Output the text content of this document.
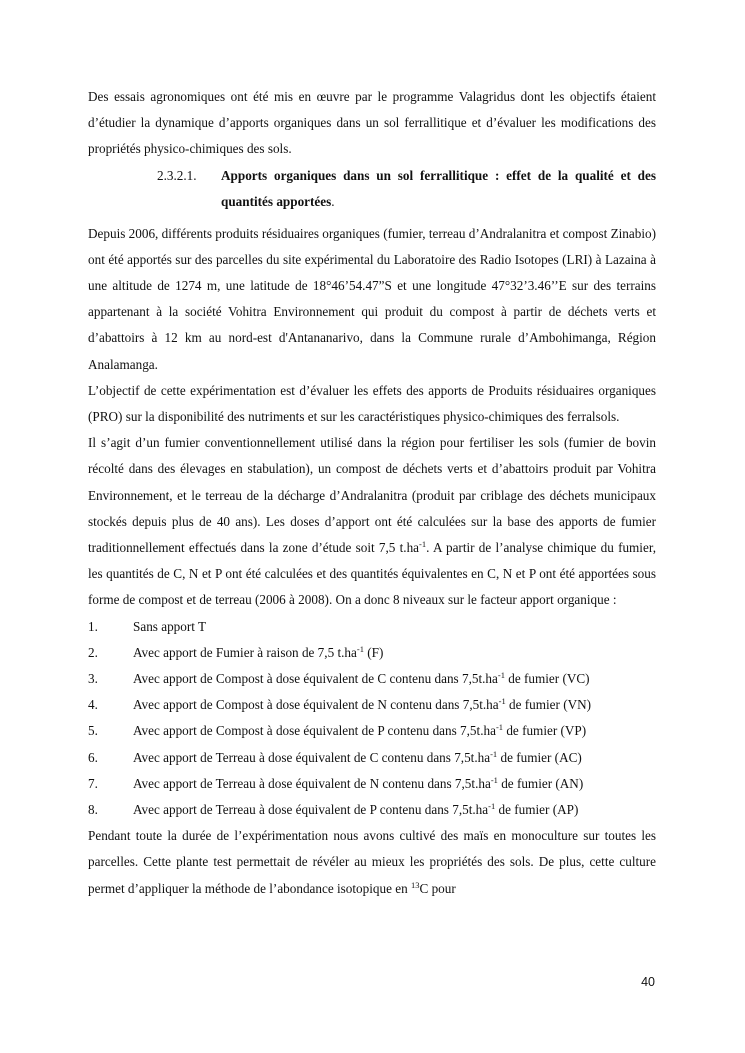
Des essais agronomiques ont été mis en œuvre par le programme Valagridus dont les objectifs étaient d’étudier la dynamique d’apports organiques dans un sol ferrallitique et d’évaluer les modifications des propriétés physico-chimiques des sols.

2.3.2.1.	Apports organiques dans un sol ferrallitique : effet de la qualité et des quantités apportées.

Depuis 2006, différents produits résiduaires organiques (fumier, terreau d’Andralanitra et compost Zinabio) ont été apportés sur des parcelles du site expérimental du Laboratoire des Radio Isotopes (LRI) à Lazaina à une altitude de 1274 m, une latitude de 18°46’54.47”S et une longitude 47°32’3.46’’E sur des terrains appartenant à la société Vohitra Environnement qui produit du compost à partir de déchets verts et d’abattoirs à 12 km au nord-est d'Antananarivo, dans la Commune rurale d’Ambohimanga, Région Analamanga.

L’objectif de cette expérimentation est d’évaluer les effets des apports de Produits résiduaires organiques (PRO) sur la disponibilité des nutriments et sur les caractéristiques physico-chimiques des ferralsols.

Il s’agit d’un fumier conventionnellement utilisé dans la région pour fertiliser les sols (fumier de bovin récolté dans des élevages en stabulation), un compost de déchets verts et d’abattoirs produit par Vohitra Environnement, et le terreau de la décharge d’Andralanitra (produit par criblage des déchets municipaux stockés depuis plus de 40 ans). Les doses d’apport ont été calculées sur la base des apports de fumier traditionnellement effectués dans la zone d’étude soit 7,5 $t.ha^{-1}$. A partir de l’analyse chimique du fumier, les quantités de C, N et P ont été calculées et des quantités équivalentes en C, N et P ont été apportées sous forme de compost et de terreau (2006 à 2008). On a donc 8 niveaux sur le facteur apport organique :

1.	Sans apport T
2.	Avec apport de Fumier à raison de 7,5 $t.ha^{-1}$ (F)
3.	Avec apport de Compost à dose équivalent de C contenu dans $7,5t.ha^{-1}$ de fumier (VC)
4.	Avec apport de Compost à dose équivalent de N contenu dans $7,5t.ha^{-1}$ de fumier (VN)
5.	Avec apport de Compost à dose équivalent de P contenu dans $7,5t.ha^{-1}$ de fumier (VP)
6.	Avec apport de Terreau à dose équivalent de C contenu dans $7,5t.ha^{-1}$ de fumier (AC)
7.	Avec apport de Terreau à dose équivalent de N contenu dans $7,5t.ha^{-1}$ de fumier (AN)
8.	Avec apport de Terreau à dose équivalent de P contenu dans $7,5t.ha^{-1}$ de fumier (AP)

Pendant toute la durée de l’expérimentation nous avons cultivé des maïs en monoculture sur toutes les parcelles. Cette plante test permettait de révéler au mieux les propriétés des sols. De plus, cette culture permet d’appliquer la méthode de l’abondance isotopique en $^{13}$C pour

40
